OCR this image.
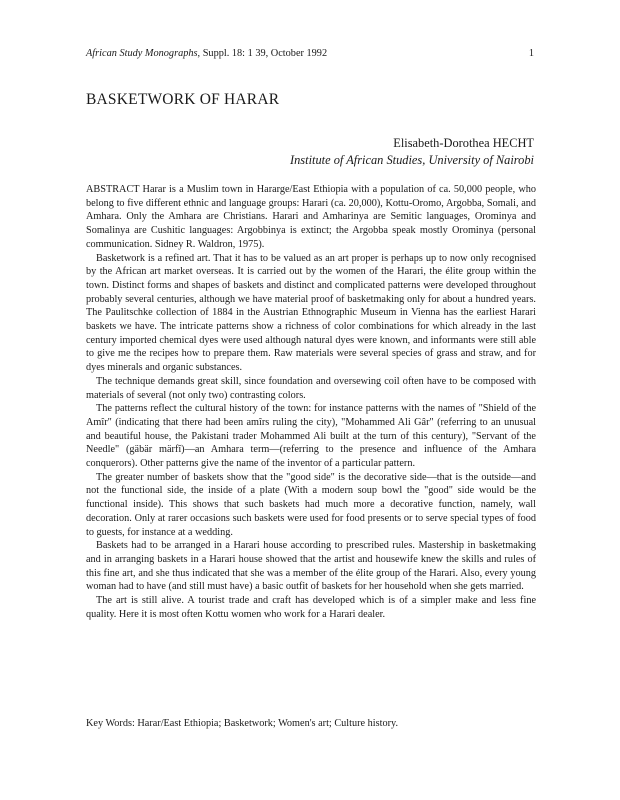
African Study Monographs, Suppl. 18: 1 39, October 1992	1
BASKETWORK OF HARAR
Elisabeth-Dorothea HECHT
Institute of African Studies, University of Nairobi

ABSTRACT Harar is a Muslim town in Hararge/East Ethiopia with a population of ca. 50,000 people, who belong to five different ethnic and language groups: Harari (ca. 20,000), Kottu-Oromo, Argobba, Somali, and Amhara. Only the Amhara are Christians. Harari and Amharinya are Semitic languages, Orominya and Somalinya are Cushitic languages: Argobbinya is extinct; the Argobba speak mostly Orominya (personal communication. Sidney R. Waldron, 1975).

Basketwork is a refined art. That it has to be valued as an art proper is perhaps up to now only recognised by the African art market overseas. It is carried out by the women of the Harari, the élite group within the town. Distinct forms and shapes of baskets and distinct and complicated patterns were developed throughout probably several centuries, although we have material proof of basketmaking only for about a hundred years. The Paulitschke collection of 1884 in the Austrian Ethnographic Museum in Vienna has the earliest Harari baskets we have. The intricate patterns show a richness of color combinations for which already in the last century imported chemical dyes were used although natural dyes were known, and informants were still able to give me the recipes how to prepare them. Raw materials were several species of grass and straw, and for dyes minerals and organic substances.

The technique demands great skill, since foundation and oversewing coil often have to be composed with materials of several (not only two) contrasting colors.

The patterns reflect the cultural history of the town: for instance patterns with the names of "Shield of the Amîr" (indicating that there had been amîrs ruling the city), "Mohammed Ali Gâr" (referring to an unusual and beautiful house, the Pakistani trader Mohammed Ali built at the turn of this century), "Servant of the Needle" (gäbär märfî)—an Amhara term—(referring to the presence and influence of the Amhara conquerors). Other patterns give the name of the inventor of a particular pattern.

The greater number of baskets show that the "good side" is the decorative side—that is the outside—and not the functional side, the inside of a plate (With a modern soup bowl the "good" side would be the functional inside). This shows that such baskets had much more a decorative function, namely, wall decoration. Only at rarer occasions such baskets were used for food presents or to serve special types of food to guests, for instance at a wedding.

Baskets had to be arranged in a Harari house according to prescribed rules. Mastership in basketmaking and in arranging baskets in a Harari house showed that the artist and housewife knew the skills and rules of this fine art, and she thus indicated that she was a member of the élite group of the Harari. Also, every young woman had to have (and still must have) a basic outfit of baskets for her household when she gets married.

The art is still alive. A tourist trade and craft has developed which is of a simpler make and less fine quality. Here it is most often Kottu women who work for a Harari dealer.

Key Words: Harar/East Ethiopia; Basketwork; Women's art; Culture history.
